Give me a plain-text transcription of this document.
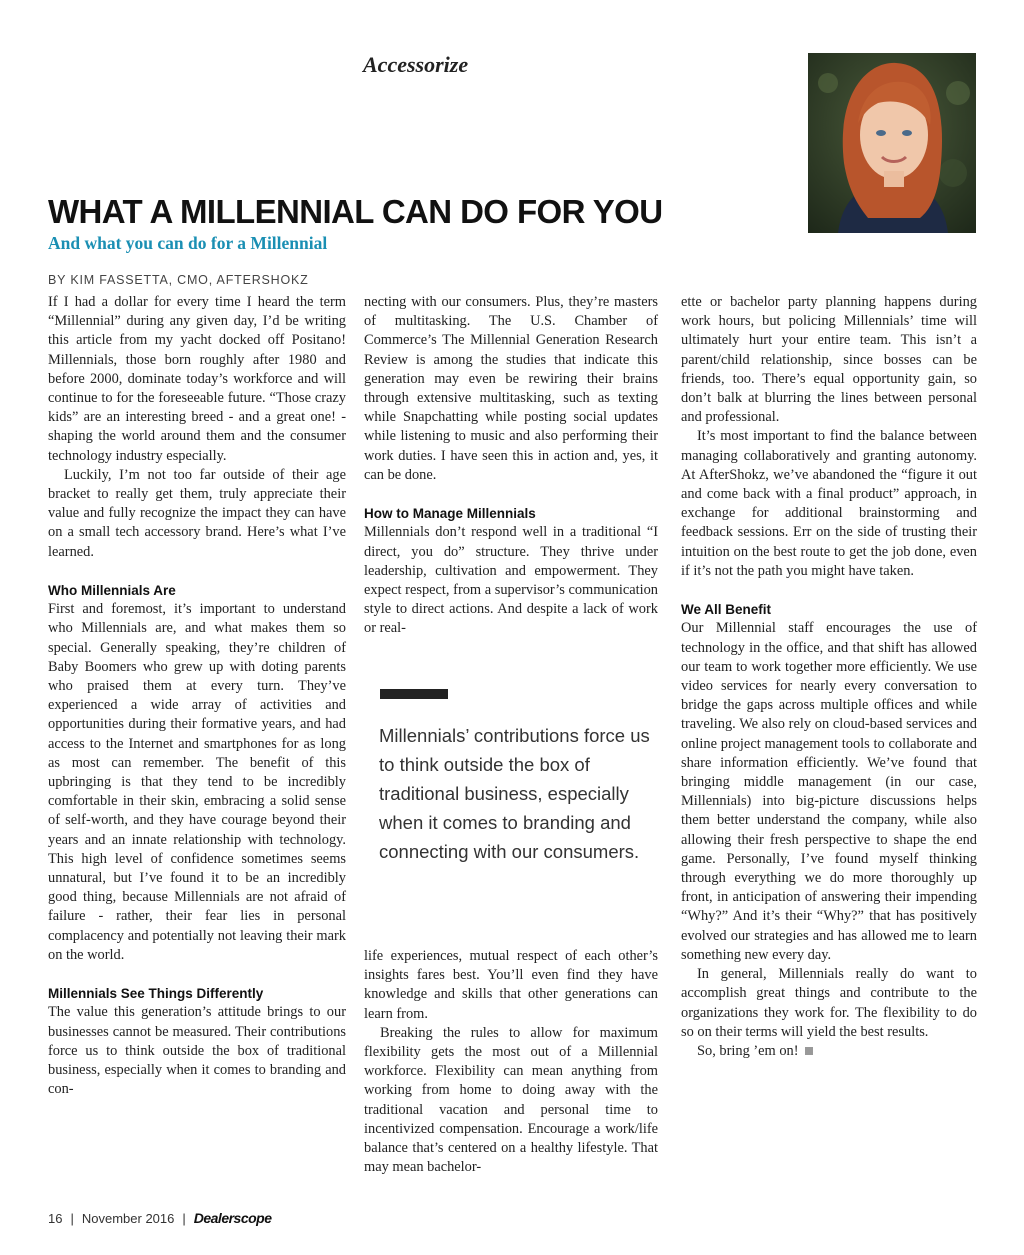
Accessorize
WHAT A MILLENNIAL CAN DO FOR YOU
And what you can do for a Millennial
BY KIM FASSETTA, CMO, AFTERSHOKZ

If I had a dollar for every time I heard the term “Millennial” during any given day, I’d be writing this article from my yacht docked off Positano! Millennials, those born roughly after 1980 and before 2000, dominate today’s workforce and will continue to for the foreseeable future. “Those crazy kids” are an interesting breed - and a great one! - shaping the world around them and the consumer technology industry especially.

Luckily, I’m not too far outside of their age bracket to really get them, truly appreciate their value and fully recognize the impact they can have on a small tech accessory brand. Here’s what I’ve learned.

Who Millennials Are

First and foremost, it’s important to understand who Millennials are, and what makes them so special. Generally speaking, they’re children of Baby Boomers who grew up with doting parents who praised them at every turn. They’ve experienced a wide array of activities and opportunities during their formative years, and had access to the Internet and smartphones for as long as most can remember. The benefit of this upbringing is that they tend to be incredibly comfortable in their skin, embracing a solid sense of self-worth, and they have courage beyond their years and an innate relationship with technology. This high level of confidence sometimes seems unnatural, but I’ve found it to be an incredibly good thing, because Millennials are not afraid of failure - rather, their fear lies in personal complacency and potentially not leaving their mark on the world.

Millennials See Things Differently

The value this generation’s attitude brings to our businesses cannot be measured. Their contributions force us to think outside the box of traditional business, especially when it comes to branding and con-

necting with our consumers. Plus, they’re masters of multitasking. The U.S. Chamber of Commerce’s The Millennial Generation Research Review is among the studies that indicate this generation may even be rewiring their brains through extensive multitasking, such as texting while Snapchatting while posting social updates while listening to music and also performing their work duties. I have seen this in action and, yes, it can be done.

How to Manage Millennials

Millennials don’t respond well in a traditional “I direct, you do” structure. They thrive under leadership, cultivation and empowerment. They expect respect, from a supervisor’s communication style to direct actions. And despite a lack of work or real-

Millennials’ contributions force us to think outside the box of traditional business, especially when it comes to branding and connecting with our consumers.

life experiences, mutual respect of each other’s insights fares best. You’ll even find they have knowledge and skills that other generations can learn from.

Breaking the rules to allow for maximum flexibility gets the most out of a Millennial workforce. Flexibility can mean anything from working from home to doing away with the traditional vacation and personal time to incentivized compensation. Encourage a work/life balance that’s centered on a healthy lifestyle. That may mean bachelor-

ette or bachelor party planning happens during work hours, but policing Millennials’ time will ultimately hurt your entire team. This isn’t a parent/child relationship, since bosses can be friends, too. There’s equal opportunity gain, so don’t balk at blurring the lines between personal and professional.

It’s most important to find the balance between managing collaboratively and granting autonomy. At AfterShokz, we’ve abandoned the “figure it out and come back with a final product” approach, in exchange for additional brainstorming and feedback sessions. Err on the side of trusting their intuition on the best route to get the job done, even if it’s not the path you might have taken.

We All Benefit

Our Millennial staff encourages the use of technology in the office, and that shift has allowed our team to work together more efficiently. We use video services for nearly every conversation to bridge the gaps across multiple offices and while traveling. We also rely on cloud-based services and online project management tools to collaborate and share information efficiently. We’ve found that bringing middle management (in our case, Millennials) into big-picture discussions helps them better understand the company, while also allowing their fresh perspective to shape the end game. Personally, I’ve found myself thinking through everything we do more thoroughly up front, in anticipation of answering their impending “Why?” And it’s their “Why?” that has positively evolved our strategies and has allowed me to learn something new every day.

In general, Millennials really do want to accomplish great things and contribute to the organizations they work for. The flexibility to do so on their terms will yield the best results.

So, bring ’em on!

16 | November 2016 | Dealerscope
